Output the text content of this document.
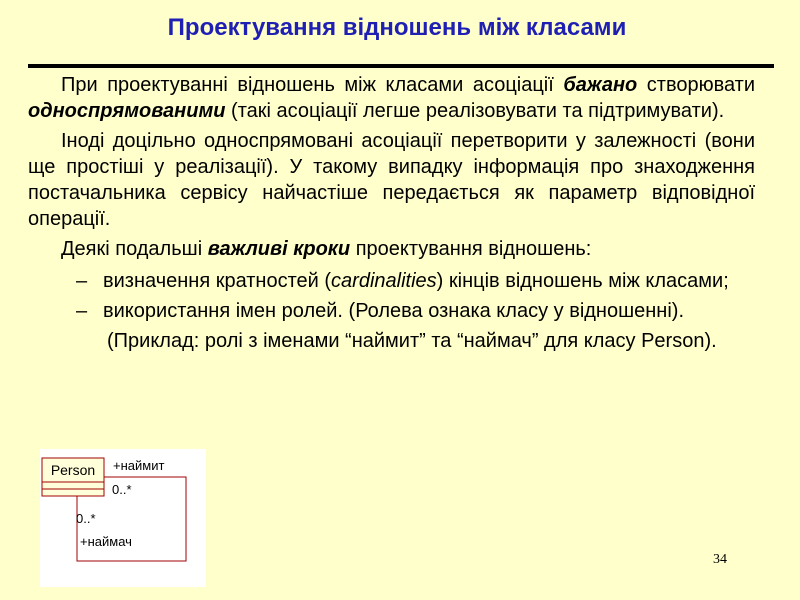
Проектування відношень між класами

При проектуванні відношень між класами асоціації бажано створювати односпрямованими (такі асоціації легше реалізовувати та підтримувати).

Іноді доцільно односпрямовані асоціації перетворити у залежності (вони ще простіші у реалізації). У такому випадку інформація про знаходження постачальника сервісу найчастіше передається як параметр відповідної операції.

Деякі подальші важливі кроки проектування відношень:

– визначення кратностей (cardinalities) кінців відношень між класами;
– використання імен ролей. (Ролева ознака класу у відношенні).
(Приклад: ролі з іменами “наймит” та “наймач” для класу Person).
Person +наймит
0..*
0..*
+наймач
34
